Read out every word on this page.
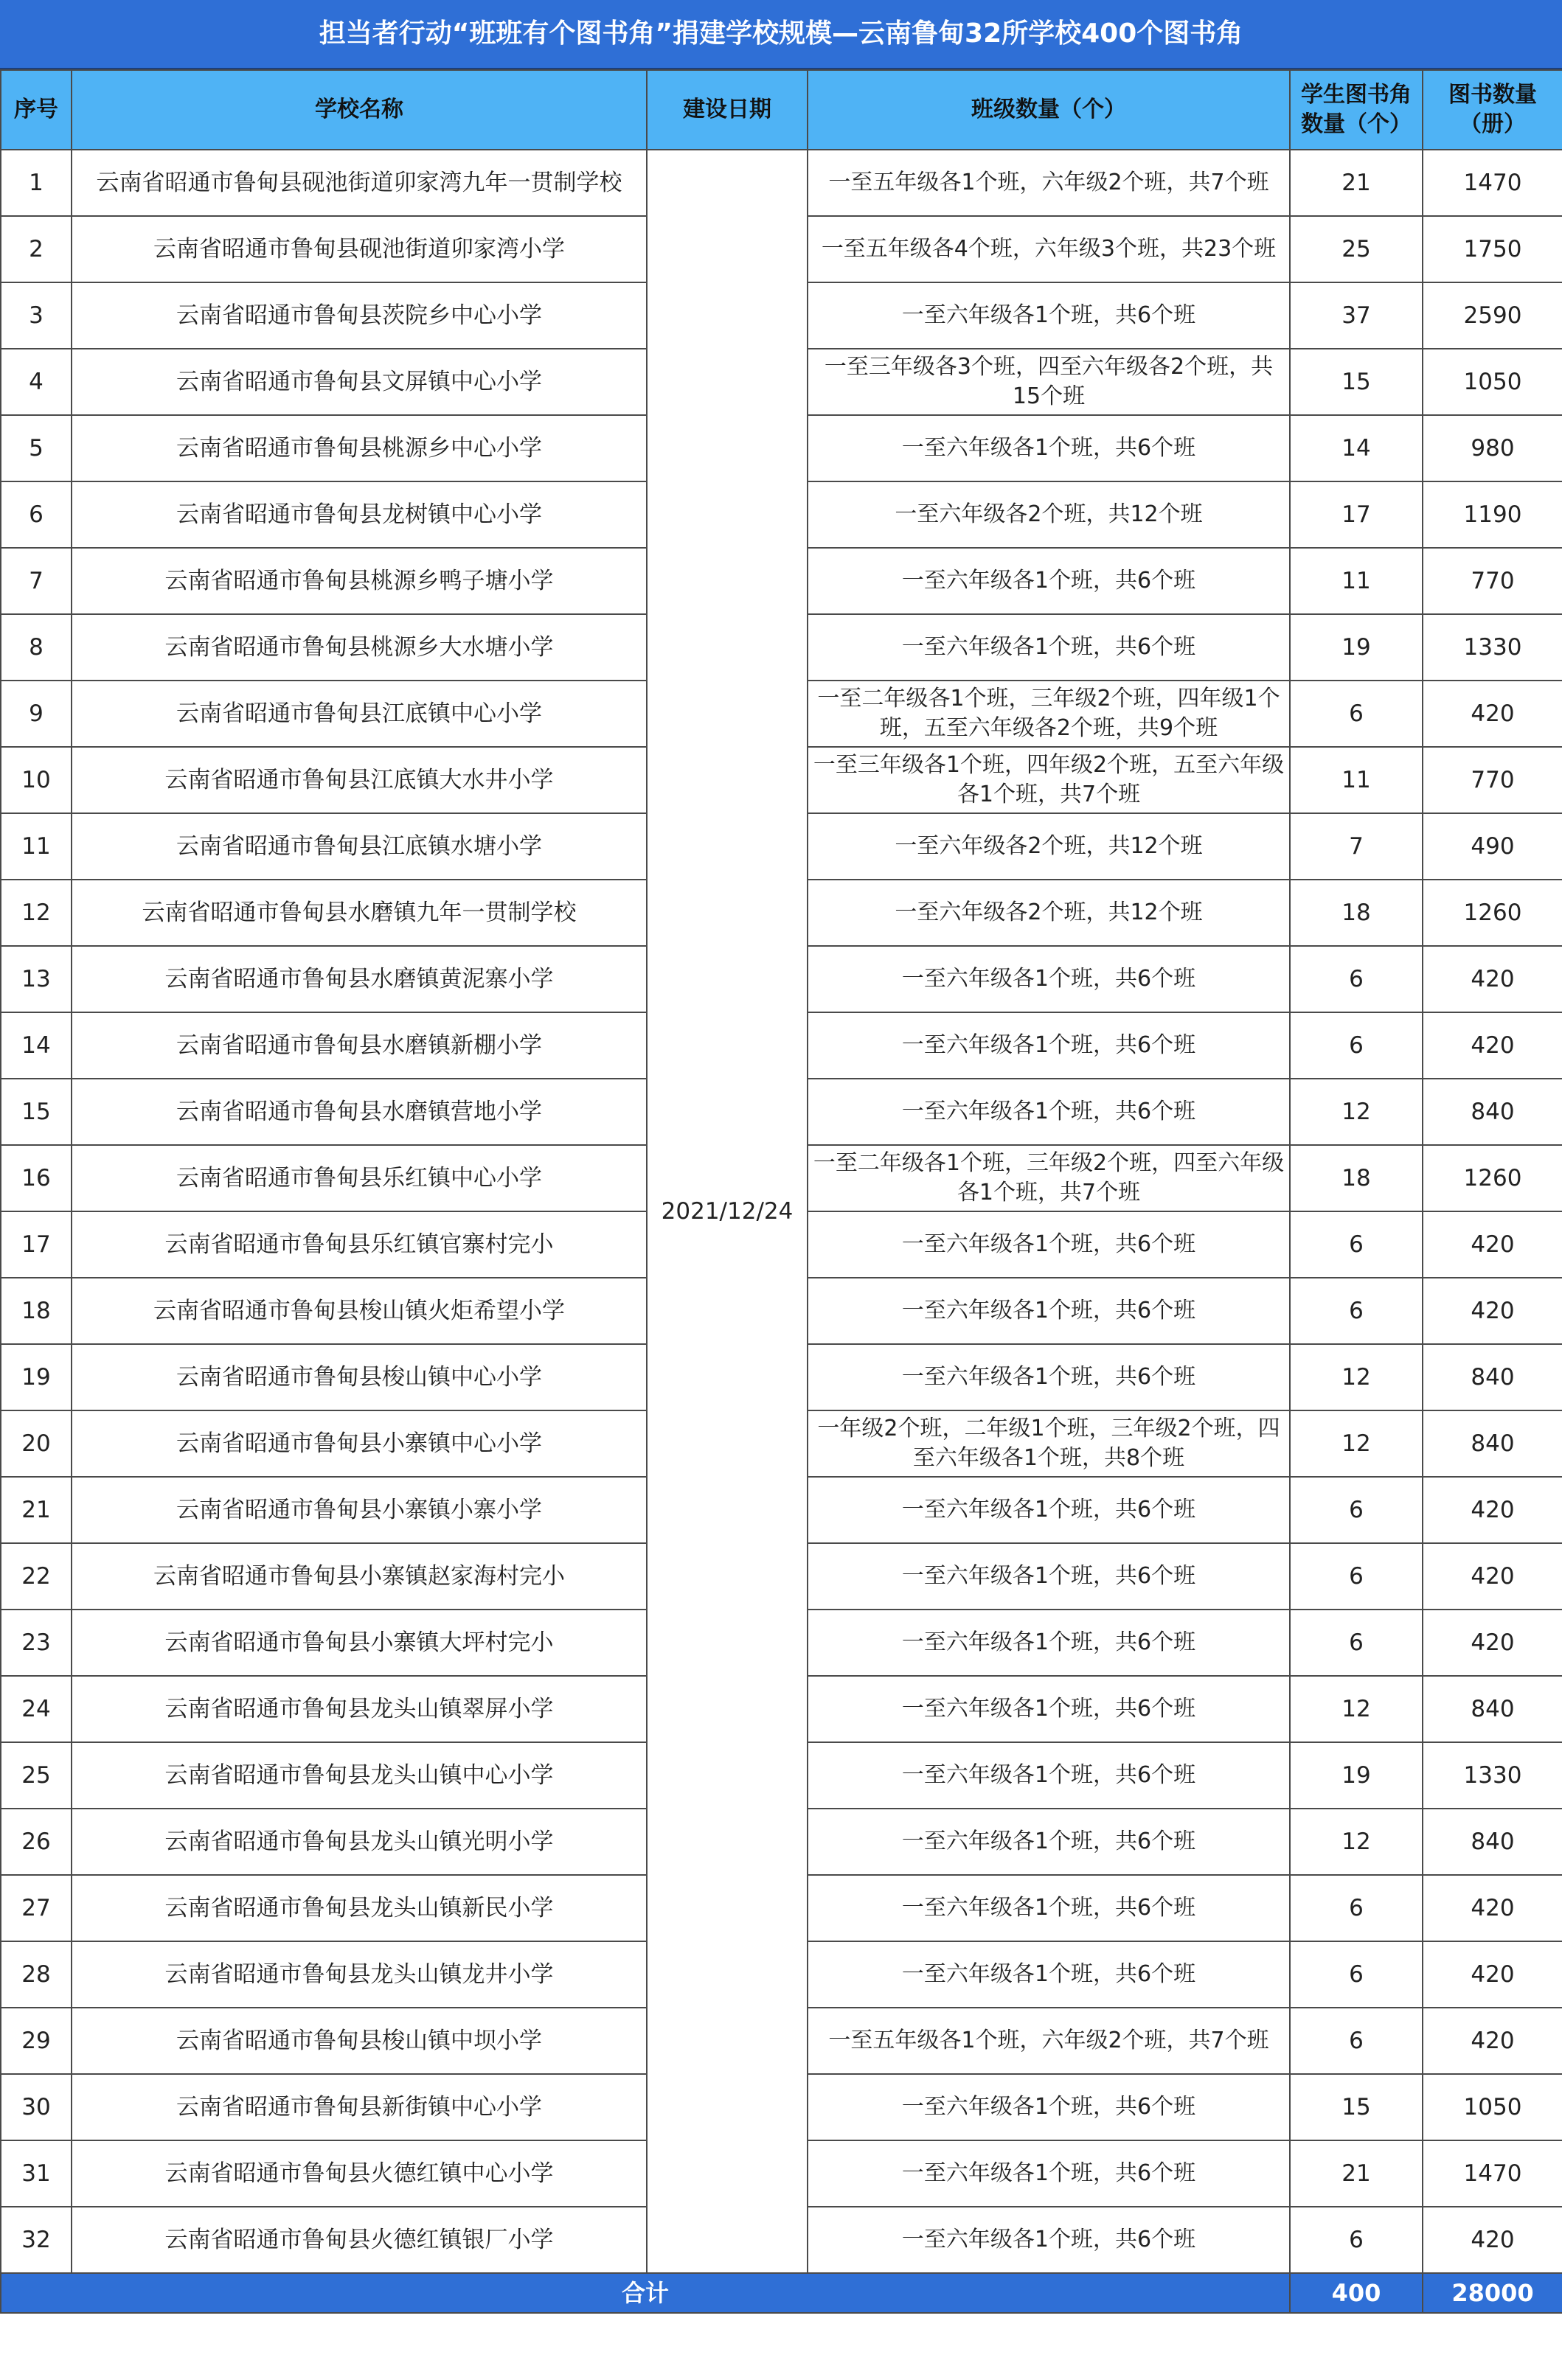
担当者行动“班班有个图书角”捐建学校规模—云南鲁甸32所学校400个图书角
序号	学校名称	建设日期	班级数量（个）	学生图书角数量（个）	图书数量（册）
1	云南省昭通市鲁甸县砚池街道卯家湾九年一贯制学校	2021/12/24	一至五年级各1个班，六年级2个班，共7个班	21	1470
2	云南省昭通市鲁甸县砚池街道卯家湾小学		一至五年级各4个班，六年级3个班，共23个班	25	1750
3	云南省昭通市鲁甸县茨院乡中心小学		一至六年级各1个班，共6个班	37	2590
4	云南省昭通市鲁甸县文屏镇中心小学		一至三年级各3个班，四至六年级各2个班，共15个班	15	1050
5	云南省昭通市鲁甸县桃源乡中心小学		一至六年级各1个班，共6个班	14	980
6	云南省昭通市鲁甸县龙树镇中心小学		一至六年级各2个班，共12个班	17	1190
7	云南省昭通市鲁甸县桃源乡鸭子塘小学		一至六年级各1个班，共6个班	11	770
8	云南省昭通市鲁甸县桃源乡大水塘小学		一至六年级各1个班，共6个班	19	1330
9	云南省昭通市鲁甸县江底镇中心小学		一至二年级各1个班，三年级2个班，四年级1个班，五至六年级各2个班，共9个班	6	420
10	云南省昭通市鲁甸县江底镇大水井小学		一至三年级各1个班，四年级2个班，五至六年级各1个班，共7个班	11	770
11	云南省昭通市鲁甸县江底镇水塘小学		一至六年级各2个班，共12个班	7	490
12	云南省昭通市鲁甸县水磨镇九年一贯制学校		一至六年级各2个班，共12个班	18	1260
13	云南省昭通市鲁甸县水磨镇黄泥寨小学		一至六年级各1个班，共6个班	6	420
14	云南省昭通市鲁甸县水磨镇新棚小学		一至六年级各1个班，共6个班	6	420
15	云南省昭通市鲁甸县水磨镇营地小学		一至六年级各1个班，共6个班	12	840
16	云南省昭通市鲁甸县乐红镇中心小学		一至二年级各1个班，三年级2个班，四至六年级各1个班，共7个班	18	1260
17	云南省昭通市鲁甸县乐红镇官寨村完小		一至六年级各1个班，共6个班	6	420
18	云南省昭通市鲁甸县梭山镇火炬希望小学		一至六年级各1个班，共6个班	6	420
19	云南省昭通市鲁甸县梭山镇中心小学		一至六年级各1个班，共6个班	12	840
20	云南省昭通市鲁甸县小寨镇中心小学		一年级2个班，二年级1个班，三年级2个班，四至六年级各1个班，共8个班	12	840
21	云南省昭通市鲁甸县小寨镇小寨小学		一至六年级各1个班，共6个班	6	420
22	云南省昭通市鲁甸县小寨镇赵家海村完小		一至六年级各1个班，共6个班	6	420
23	云南省昭通市鲁甸县小寨镇大坪村完小		一至六年级各1个班，共6个班	6	420
24	云南省昭通市鲁甸县龙头山镇翠屏小学		一至六年级各1个班，共6个班	12	840
25	云南省昭通市鲁甸县龙头山镇中心小学		一至六年级各1个班，共6个班	19	1330
26	云南省昭通市鲁甸县龙头山镇光明小学		一至六年级各1个班，共6个班	12	840
27	云南省昭通市鲁甸县龙头山镇新民小学		一至六年级各1个班，共6个班	6	420
28	云南省昭通市鲁甸县龙头山镇龙井小学		一至六年级各1个班，共6个班	6	420
29	云南省昭通市鲁甸县梭山镇中坝小学		一至五年级各1个班，六年级2个班，共7个班	6	420
30	云南省昭通市鲁甸县新街镇中心小学		一至六年级各1个班，共6个班	15	1050
31	云南省昭通市鲁甸县火德红镇中心小学		一至六年级各1个班，共6个班	21	1470
32	云南省昭通市鲁甸县火德红镇银厂小学		一至六年级各1个班，共6个班	6	420
合计				400	28000
